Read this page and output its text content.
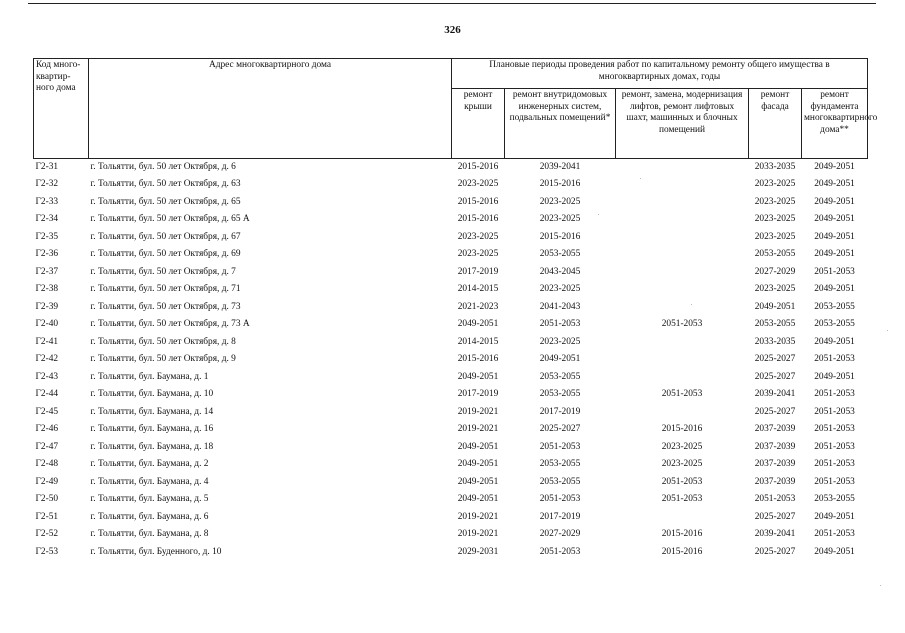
326
Код много-квартир-ного дома	Адрес многоквартирного дома	Плановые периоды проведения работ по капитальному ремонту общего имущества в многоквартирных домах, годы				
		ремонт крыши	ремонт внутридомовых инженерных систем, подвальных помещений*	ремонт, замена, модернизация лифтов, ремонт лифтовых шахт, машинных и блочных помещений	ремонт фасада	ремонт фундамента многоквартирного дома**
Г2-31	г. Тольятти, бул. 50 лет Октября, д. 6	2015-2016	2039-2041		2033-2035	2049-2051
Г2-32	г. Тольятти, бул. 50 лет Октября, д. 63	2023-2025	2015-2016		2023-2025	2049-2051
Г2-33	г. Тольятти, бул. 50 лет Октября, д. 65	2015-2016	2023-2025		2023-2025	2049-2051
Г2-34	г. Тольятти, бул. 50 лет Октября, д. 65 А	2015-2016	2023-2025		2023-2025	2049-2051
Г2-35	г. Тольятти, бул. 50 лет Октября, д. 67	2023-2025	2015-2016		2023-2025	2049-2051
Г2-36	г. Тольятти, бул. 50 лет Октября, д. 69	2023-2025	2053-2055		2053-2055	2049-2051
Г2-37	г. Тольятти, бул. 50 лет Октября, д. 7	2017-2019	2043-2045		2027-2029	2051-2053
Г2-38	г. Тольятти, бул. 50 лет Октября, д. 71	2014-2015	2023-2025		2023-2025	2049-2051
Г2-39	г. Тольятти, бул. 50 лет Октября, д. 73	2021-2023	2041-2043		2049-2051	2053-2055
Г2-40	г. Тольятти, бул. 50 лет Октября, д. 73 А	2049-2051	2051-2053	2051-2053	2053-2055	2053-2055
Г2-41	г. Тольятти, бул. 50 лет Октября, д. 8	2014-2015	2023-2025		2033-2035	2049-2051
Г2-42	г. Тольятти, бул. 50 лет Октября, д. 9	2015-2016	2049-2051		2025-2027	2051-2053
Г2-43	г. Тольятти, бул. Баумана, д. 1	2049-2051	2053-2055		2025-2027	2049-2051
Г2-44	г. Тольятти, бул. Баумана, д. 10	2017-2019	2053-2055	2051-2053	2039-2041	2051-2053
Г2-45	г. Тольятти, бул. Баумана, д. 14	2019-2021	2017-2019		2025-2027	2051-2053
Г2-46	г. Тольятти, бул. Баумана, д. 16	2019-2021	2025-2027	2015-2016	2037-2039	2051-2053
Г2-47	г. Тольятти, бул. Баумана, д. 18	2049-2051	2051-2053	2023-2025	2037-2039	2051-2053
Г2-48	г. Тольятти, бул. Баумана, д. 2	2049-2051	2053-2055	2023-2025	2037-2039	2051-2053
Г2-49	г. Тольятти, бул. Баумана, д. 4	2049-2051	2053-2055	2051-2053	2037-2039	2051-2053
Г2-50	г. Тольятти, бул. Баумана, д. 5	2049-2051	2051-2053	2051-2053	2051-2053	2053-2055
Г2-51	г. Тольятти, бул. Баумана, д. 6	2019-2021	2017-2019		2025-2027	2049-2051
Г2-52	г. Тольятти, бул. Баумана, д. 8	2019-2021	2027-2029	2015-2016	2039-2041	2051-2053
Г2-53	г. Тольятти, бул. Буденного, д. 10	2029-2031	2051-2053	2015-2016	2025-2027	2049-2051
